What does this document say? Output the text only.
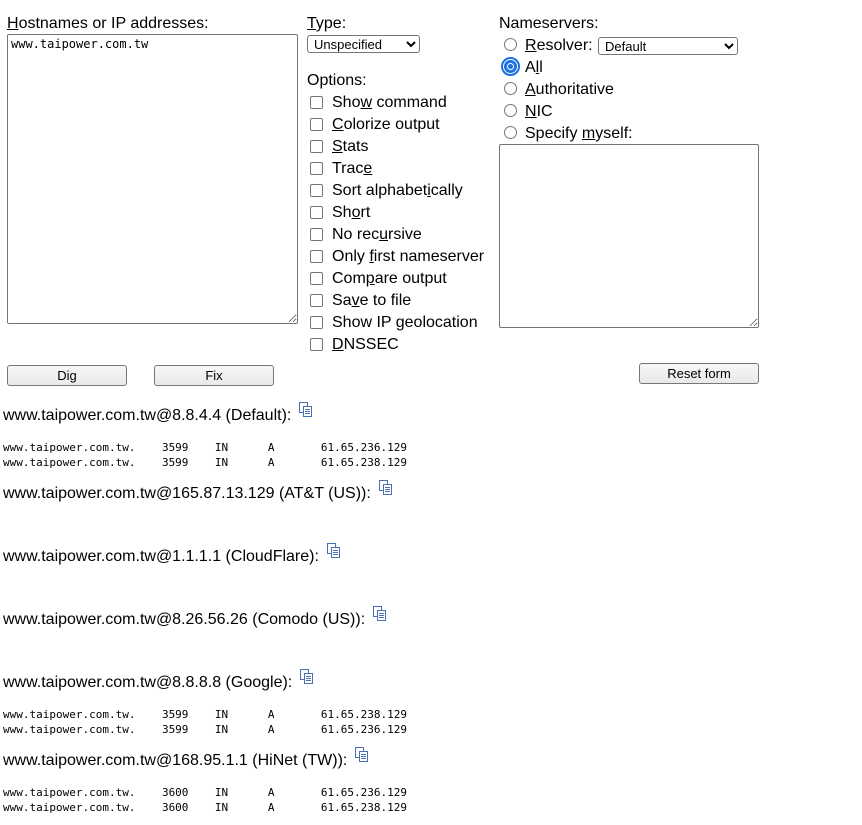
Hostnames or IP addresses:
www.taipower.com.tw	Type:
Unspecified
Options:
Show command
Colorize output
Stats
Trace
Sort alphabetically
Short
No recursive
Only first nameserver
Compare output
Save to file
Show IP geolocation
DNSSEC
Nameservers:
Resolver:
Default
All
Authoritative
NIC
Specify myself:
Dig	Fix	Reset form
www.taipower.com.tw@8.8.4.4 (Default):
www.taipower.com.tw.    3599    IN      A       61.65.236.129
www.taipower.com.tw.    3599    IN      A       61.65.238.129
www.taipower.com.tw@165.87.13.129 (AT&T (US)):
www.taipower.com.tw@1.1.1.1 (CloudFlare):
www.taipower.com.tw@8.26.56.26 (Comodo (US)):
www.taipower.com.tw@8.8.8.8 (Google):
www.taipower.com.tw.    3599    IN      A       61.65.238.129
www.taipower.com.tw.    3599    IN      A       61.65.236.129
www.taipower.com.tw@168.95.1.1 (HiNet (TW)):
www.taipower.com.tw.    3600    IN      A       61.65.236.129
www.taipower.com.tw.    3600    IN      A       61.65.238.129
